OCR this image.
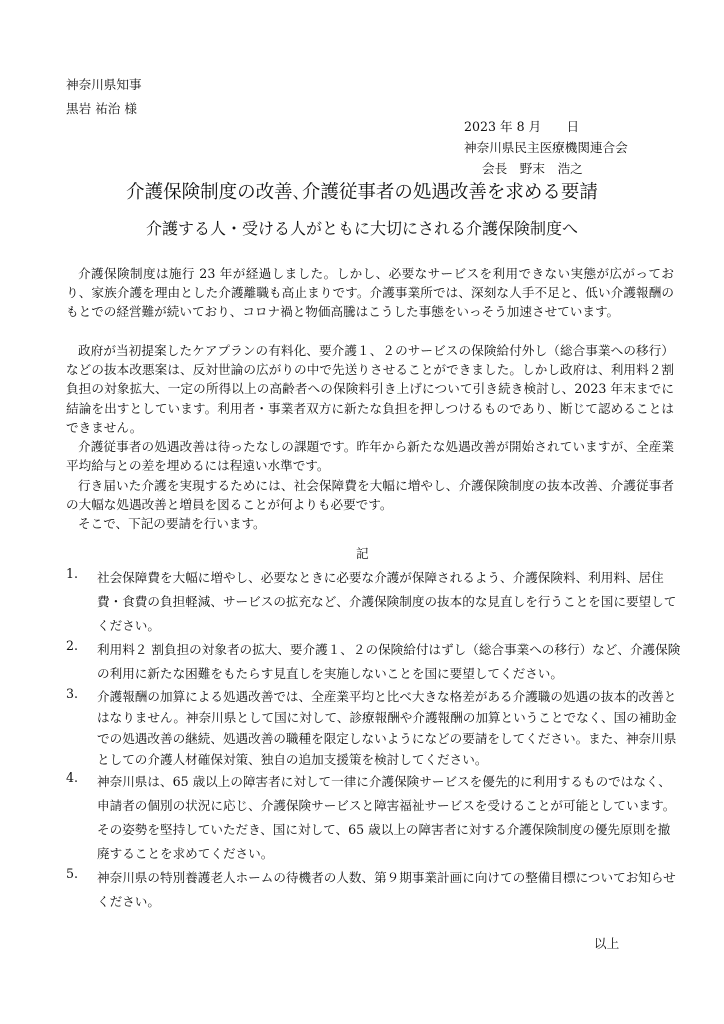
神奈川県知事
黒岩 祐治 様
2023 年 8 月　　日
神奈川県民主医療機関連合会
会長　野末　浩之
介護保険制度の改善､介護従事者の処遇改善を求める要請
介護する人・受ける人がともに大切にされる介護保険制度へ
介護保険制度は施行 23 年が経過しました。しかし、必要なサービスを利用できない実態が広がっており、家族介護を理由とした介護離職も高止まりです。介護事業所では、深刻な人手不足と、低い介護報酬のもとでの経営難が続いており、コロナ禍と物価高騰はこうした事態をいっそう加速させています。
政府が当初提案したケアプランの有料化、要介護１、２のサービスの保険給付外し（総合事業への移行）などの抜本改悪案は、反対世論の広がりの中で先送りさせることができました。しかし政府は、利用料２割負担の対象拡大、一定の所得以上の高齢者への保険料引き上げについて引き続き検討し、2023 年末までに結論を出すとしています。利用者・事業者双方に新たな負担を押しつけるものであり、断じて認めることはできません。
介護従事者の処遇改善は待ったなしの課題です。昨年から新たな処遇改善が開始されていますが、全産業平均給与との差を埋めるには程遠い水準です。
行き届いた介護を実現するためには、社会保障費を大幅に増やし、介護保険制度の抜本改善、介護従事者の大幅な処遇改善と増員を図ることが何よりも必要です。
そこで、下記の要請を行います。
記
1. 社会保障費を大幅に増やし、必要なときに必要な介護が保障されるよう、介護保険料、利用料、居住費・食費の負担軽減、サービスの拡充など、介護保険制度の抜本的な見直しを行うことを国に要望してください。
2. 利用料２ 割負担の対象者の拡大、要介護１、２の保険給付はずし（総合事業への移行）など、介護保険の利用に新たな困難をもたらす見直しを実施しないことを国に要望してください。
3. 介護報酬の加算による処遇改善では、全産業平均と比べ大きな格差がある介護職の処遇の抜本的改善とはなりません。神奈川県として国に対して、診療報酬や介護報酬の加算ということでなく、国の補助金での処遇改善の継続、処遇改善の職種を限定しないようになどの要請をしてください。また、神奈川県としての介護人材確保対策、独自の追加支援策を検討してください。
4. 神奈川県は、65 歳以上の障害者に対して一律に介護保険サービスを優先的に利用するものではなく、申請者の個別の状況に応じ、介護保険サービスと障害福祉サービスを受けることが可能としています。その姿勢を堅持していただき、国に対して、65 歳以上の障害者に対する介護保険制度の優先原則を撤廃することを求めてください。
5. 神奈川県の特別養護老人ホームの待機者の人数、第９期事業計画に向けての整備目標についてお知らせください。
以上
